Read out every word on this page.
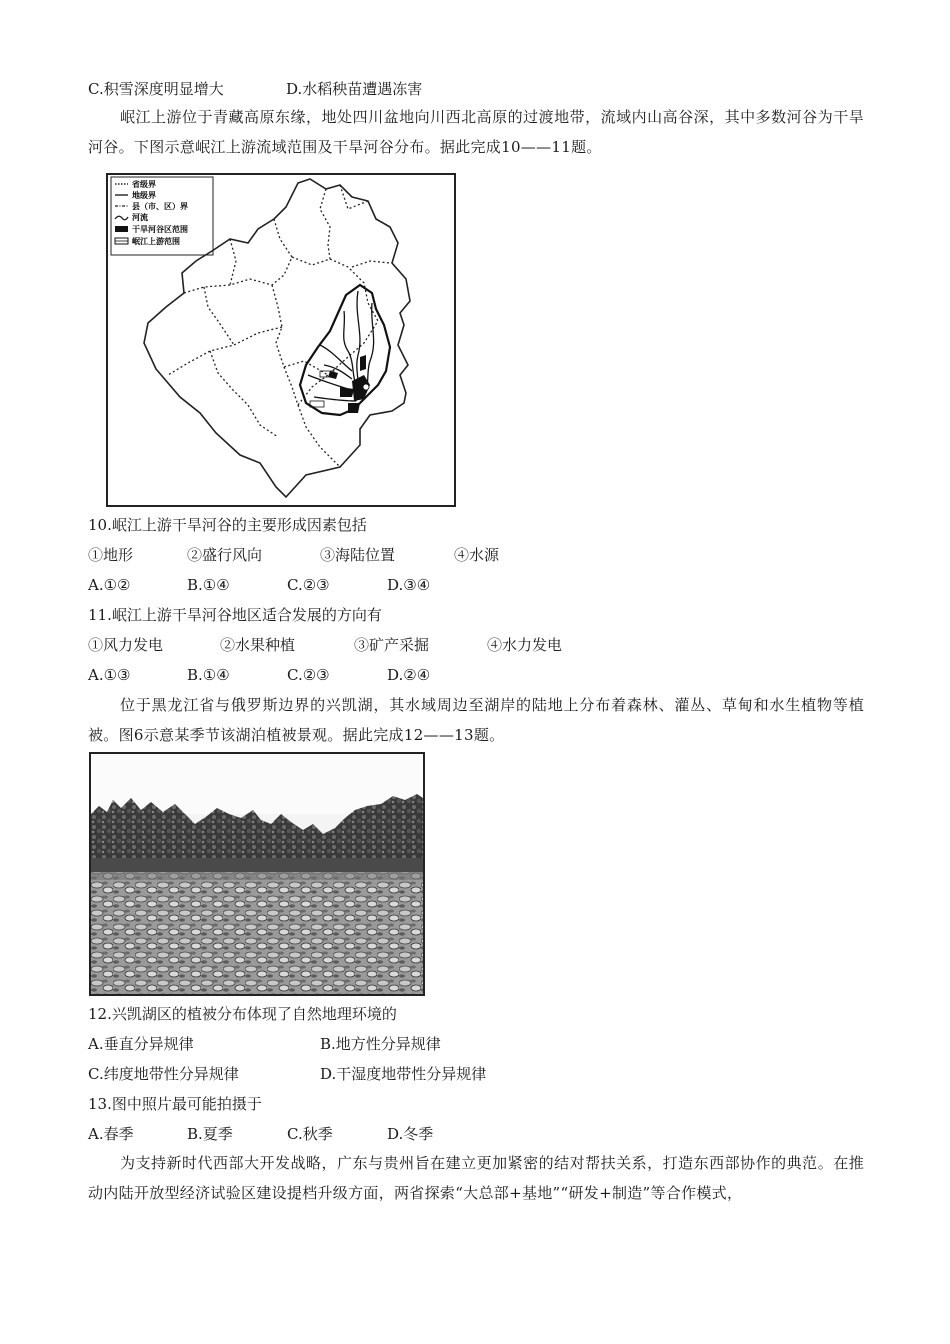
C.积雪深度明显增大	D.水稻秧苗遭遇冻害
岷江上游位于青藏高原东缘，地处四川盆地向川西北高原的过渡地带，流域内山高谷深，其中多数河谷为干旱河谷。下图示意岷江上游流域范围及干旱河谷分布。据此完成10——11题。
省级界
地级界
县（市、区）界
河流
干旱河谷区范围
岷江上游范围
10.岷江上游干旱河谷的主要形成因素包括
①地形	②盛行风向	③海陆位置	④水源
A.①②	B.①④	C.②③	D.③④
11.岷江上游干旱河谷地区适合发展的方向有
①风力发电	②水果种植	③矿产采掘	④水力发电
A.①③	B.①④	C.②③	D.②④
位于黑龙江省与俄罗斯边界的兴凯湖，其水域周边至湖岸的陆地上分布着森林、灌丛、草甸和水生植物等植被。图6示意某季节该湖泊植被景观。据此完成12——13题。
12.兴凯湖区的植被分布体现了自然地理环境的
A.垂直分异规律	B.地方性分异规律
C.纬度地带性分异规律	D.干湿度地带性分异规律
13.图中照片最可能拍摄于
A.春季	B.夏季	C.秋季	D.冬季
为支持新时代西部大开发战略，广东与贵州旨在建立更加紧密的结对帮扶关系，打造东西部协作的典范。在推动内陆开放型经济试验区建设提档升级方面，两省探索“大总部+基地”“研发+制造”等合作模式，
